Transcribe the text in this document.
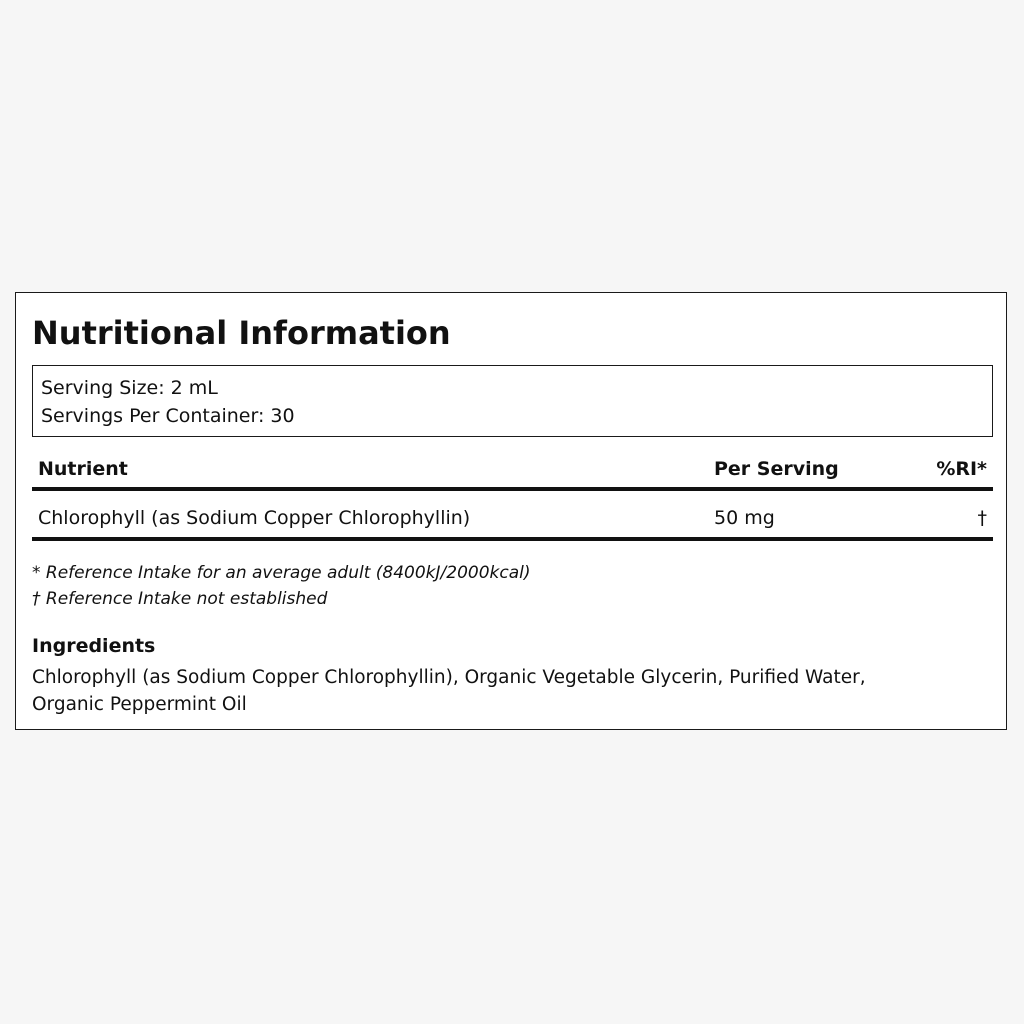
Nutritional Information
Serving Size: 2 mL
Servings Per Container: 30
Nutrient	Per Serving	%RI*
Chlorophyll (as Sodium Copper Chlorophyllin)	50 mg	†
* Reference Intake for an average adult (8400kJ/2000kcal)
† Reference Intake not established
Ingredients

Chlorophyll (as Sodium Copper Chlorophyllin), Organic Vegetable Glycerin, Purified Water, Organic Peppermint Oil
